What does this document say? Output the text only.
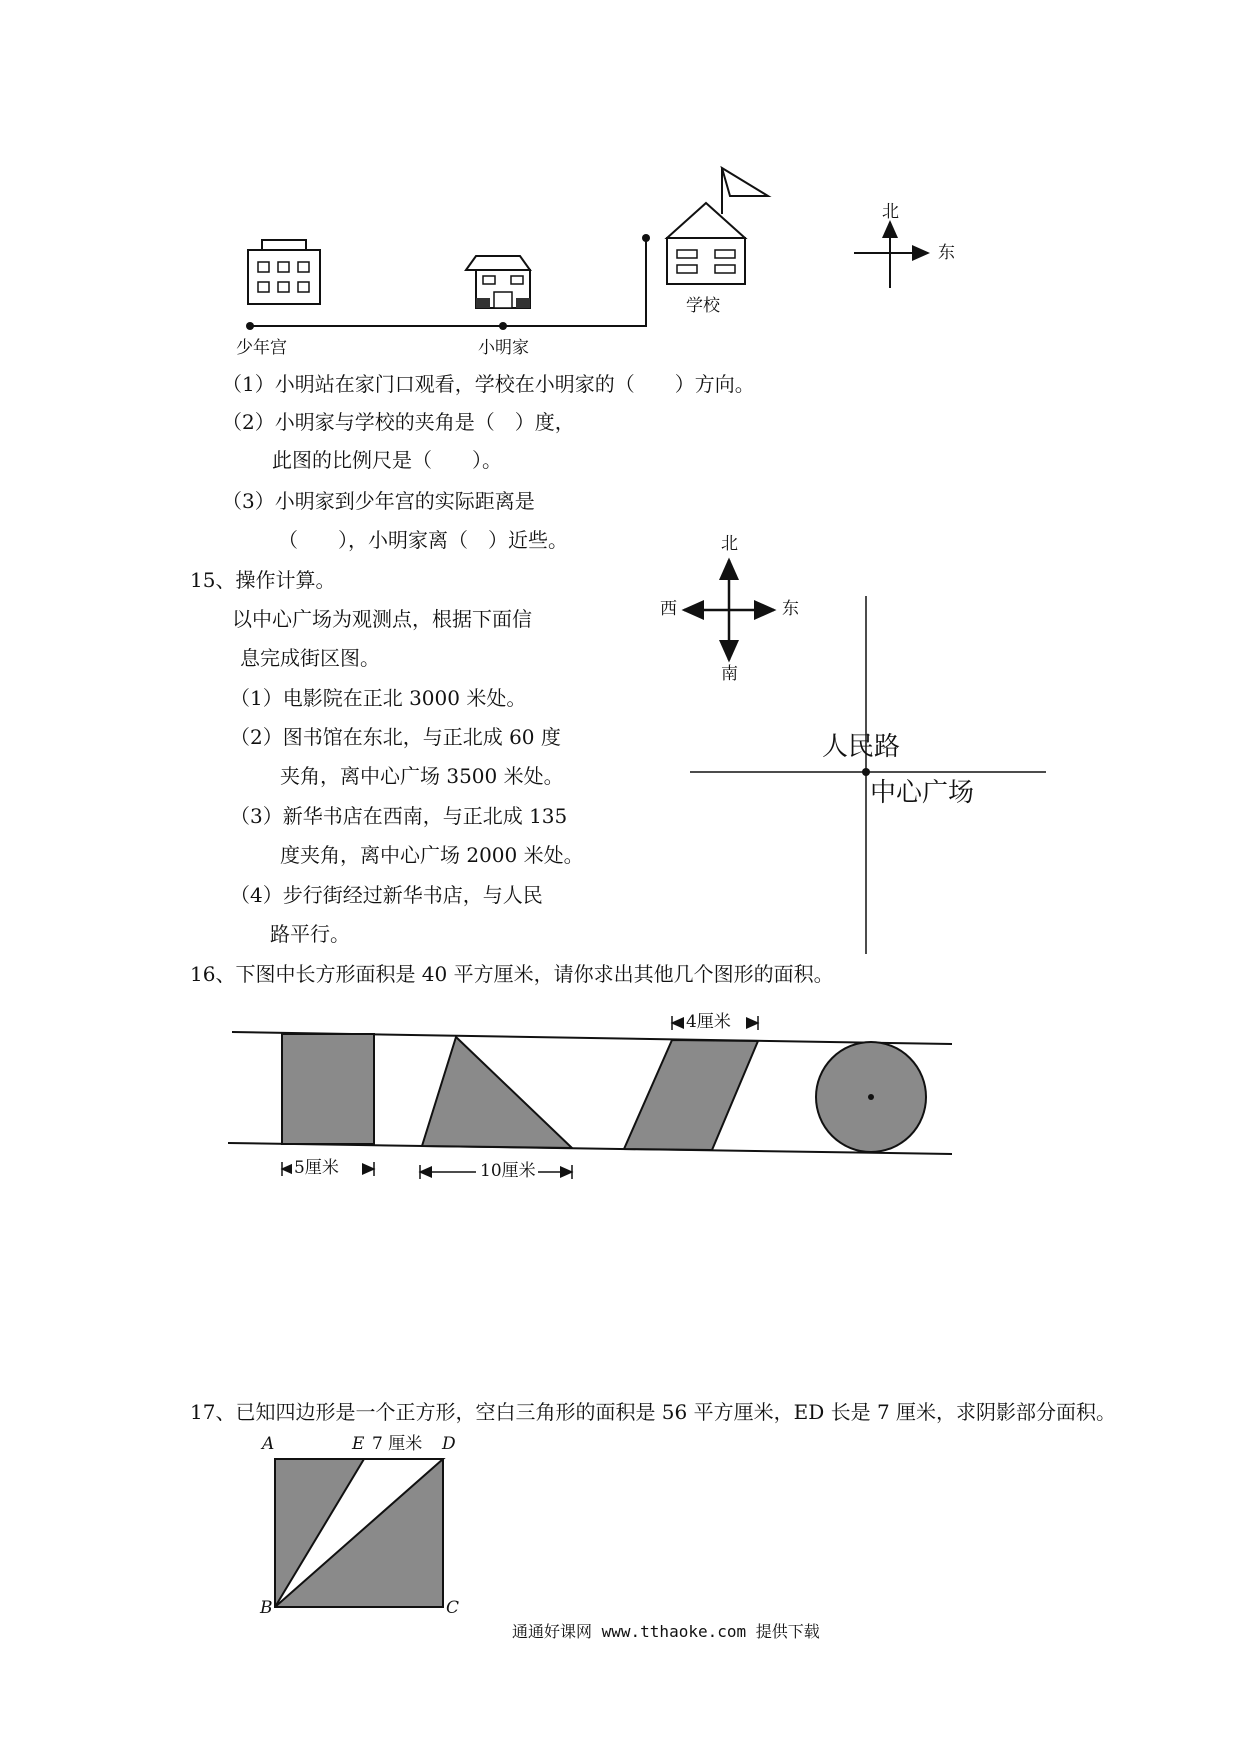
少年宫	小明家
学校
北
东
（1）小明站在家门口观看，学校在小明家的（　　）方向。
（2）小明家与学校的夹角是（　）度，
此图的比例尺是（　　）。
（3）小明家到少年宫的实际距离是
（　　），小明家离（　）近些。
15、操作计算。
以中心广场为观测点，根据下面信
息完成街区图。
（1）电影院在正北 3000 米处。
（2）图书馆在东北，与正北成 60 度
夹角，离中心广场 3500 米处。
（3）新华书店在西南，与正北成 135
度夹角，离中心广场 2000 米处。
（4）步行街经过新华书店，与人民
路平行。
北
南
西	东
人民路
中心广场
16、下图中长方形面积是 40 平方厘米，请你求出其他几个图形的面积。
5厘米	10厘米
4厘米
17、已知四边形是一个正方形，空白三角形的面积是 56 平方厘米，ED 长是 7 厘米，求阴影部分面积。
A	E 7 厘米 D
B	C
通通好课网 www.tthaoke.com 提供下载
